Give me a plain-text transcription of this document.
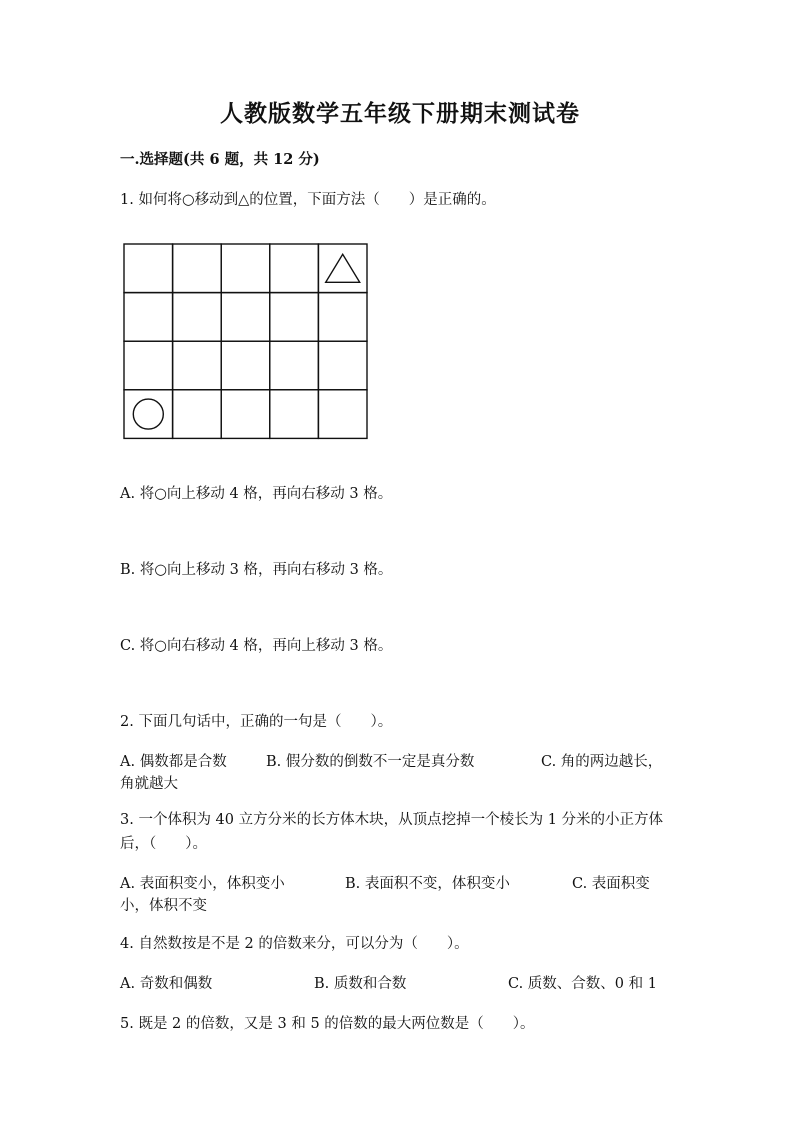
人教版数学五年级下册期末测试卷
一.选择题(共 6 题，共 12 分)
1. 如何将○移动到△的位置，下面方法（　　）是正确的。
A. 将○向上移动 4 格，再向右移动 3 格。
B. 将○向上移动 3 格，再向右移动 3 格。
C. 将○向右移动 4 格，再向上移动 3 格。
2. 下面几句话中，正确的一句是（　　）。
A. 偶数都是合数	B. 假分数的倒数不一定是真分数	C. 角的两边越长，
角就越大
3. 一个体积为 40 立方分米的长方体木块，从顶点挖掉一个棱长为 1 分米的小正方体后，（　　）。
A. 表面积变小，体积变小	B. 表面积不变，体积变小	C. 表面积变
小，体积不变
4. 自然数按是不是 2 的倍数来分，可以分为（　　）。
A. 奇数和偶数	B. 质数和合数	C. 质数、合数、0 和 1
5. 既是 2 的倍数，又是 3 和 5 的倍数的最大两位数是（　　）。
